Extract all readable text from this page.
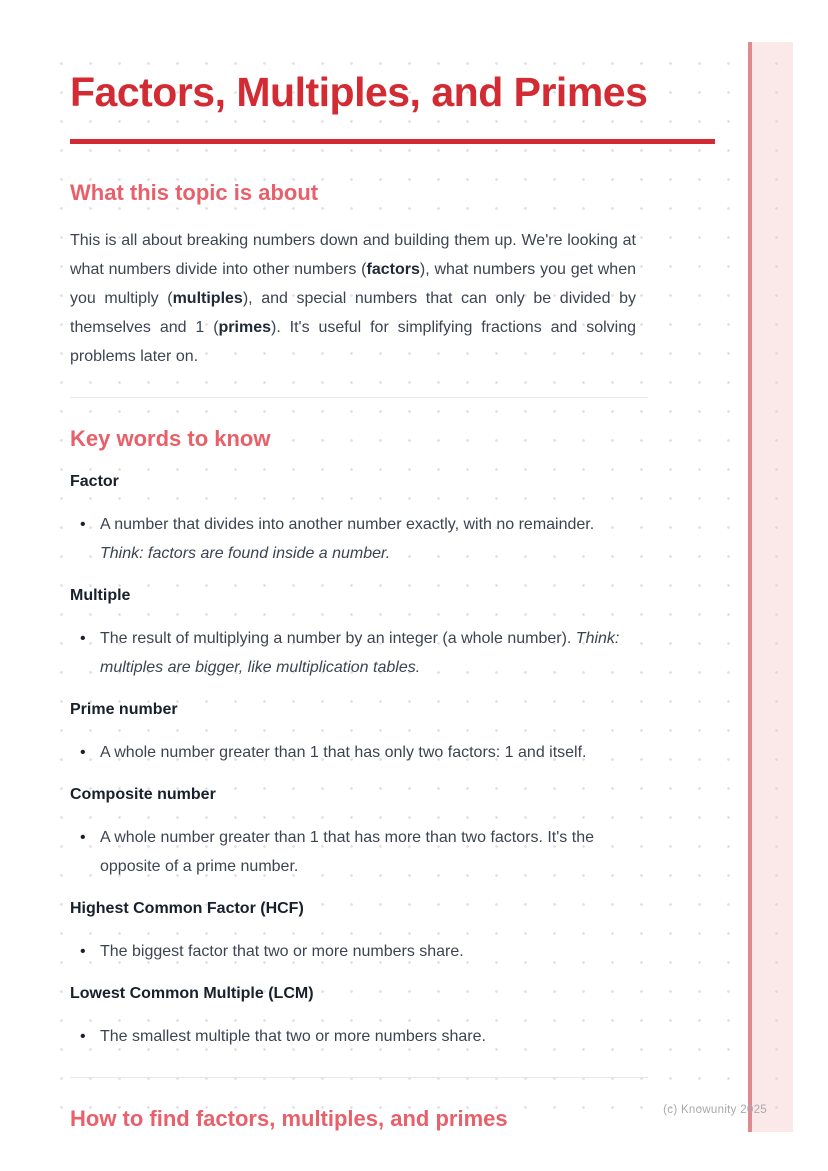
Factors, Multiples, and Primes
What this topic is about

This is all about breaking numbers down and building them up. We're looking at what numbers divide into other numbers (factors), what numbers you get when you multiply (multiples), and special numbers that can only be divided by themselves and 1 (primes). It's useful for simplifying fractions and solving problems later on.

Key words to know
Factor
• A number that divides into another number exactly, with no remainder. Think: factors are found inside a number.
Multiple
• The result of multiplying a number by an integer (a whole number). Think: multiples are bigger, like multiplication tables.
Prime number
• A whole number greater than 1 that has only two factors: 1 and itself.
Composite number
• A whole number greater than 1 that has more than two factors. It's the opposite of a prime number.
Highest Common Factor (HCF)
• The biggest factor that two or more numbers share.
Lowest Common Multiple (LCM)
• The smallest multiple that two or more numbers share.
How to find factors, multiples, and primes	(c) Knowunity 2025
